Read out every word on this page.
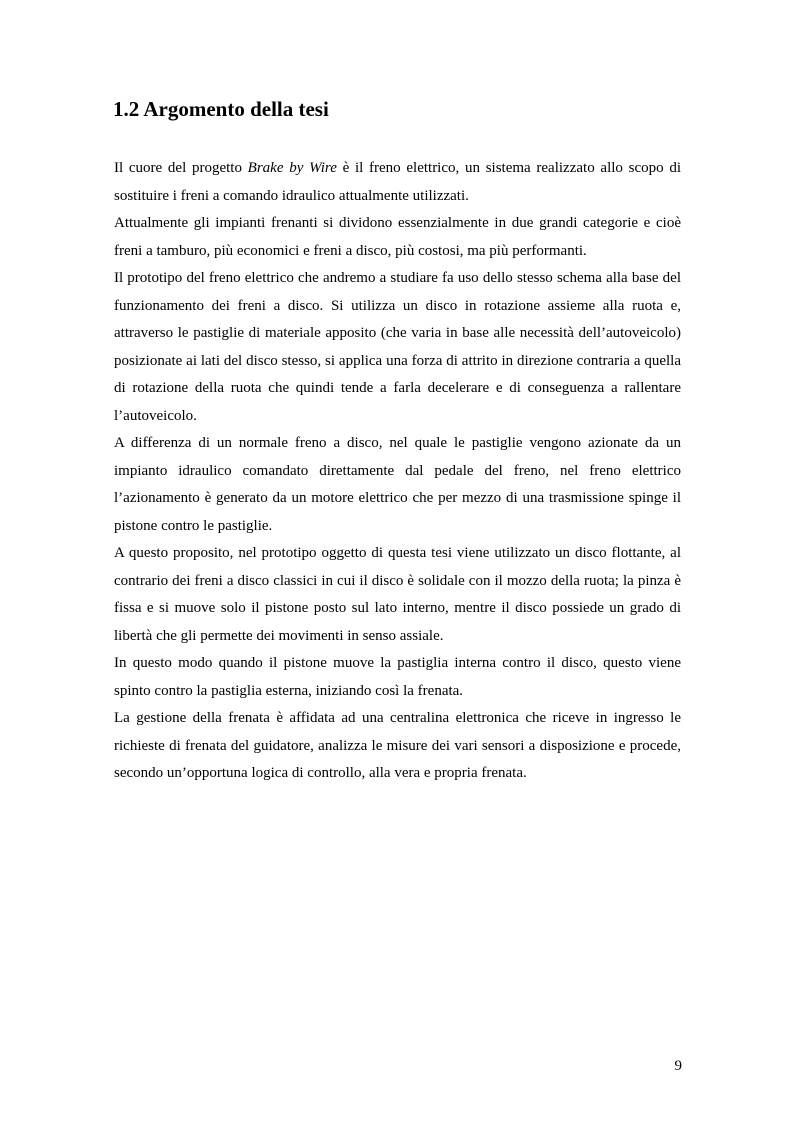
1.2 Argomento della tesi

Il cuore del progetto Brake by Wire è il freno elettrico, un sistema realizzato allo scopo di sostituire i freni a comando idraulico attualmente utilizzati.

Attualmente gli impianti frenanti si dividono essenzialmente in due grandi categorie e cioè freni a tamburo, più economici e freni a disco, più costosi, ma più performanti.

Il prototipo del freno elettrico che andremo a studiare fa uso dello stesso schema alla base del funzionamento dei freni a disco. Si utilizza un disco in rotazione assieme alla ruota e, attraverso le pastiglie di materiale apposito (che varia in base alle necessità dell’autoveicolo) posizionate ai lati del disco stesso, si applica una forza di attrito in direzione contraria a quella di rotazione della ruota che quindi tende a farla decelerare e di conseguenza a rallentare l’autoveicolo.

A differenza di un normale freno a disco, nel quale le pastiglie vengono azionate da un impianto idraulico comandato direttamente dal pedale del freno, nel freno elettrico l’azionamento è generato da un motore elettrico che per mezzo di una trasmissione spinge il pistone contro le pastiglie.

A questo proposito, nel prototipo oggetto di questa tesi viene utilizzato un disco flottante, al contrario dei freni a disco classici in cui il disco è solidale con il mozzo della ruota; la pinza è fissa e si muove solo il pistone posto sul lato interno, mentre il disco possiede un grado di libertà che gli permette dei movimenti in senso assiale.

In questo modo quando il pistone muove la pastiglia interna contro il disco, questo viene spinto contro la pastiglia esterna, iniziando così la frenata.

La gestione della frenata è affidata ad una centralina elettronica che riceve in ingresso le richieste di frenata del guidatore, analizza le misure dei vari sensori a disposizione e procede, secondo un’opportuna logica di controllo, alla vera e propria frenata.

9
